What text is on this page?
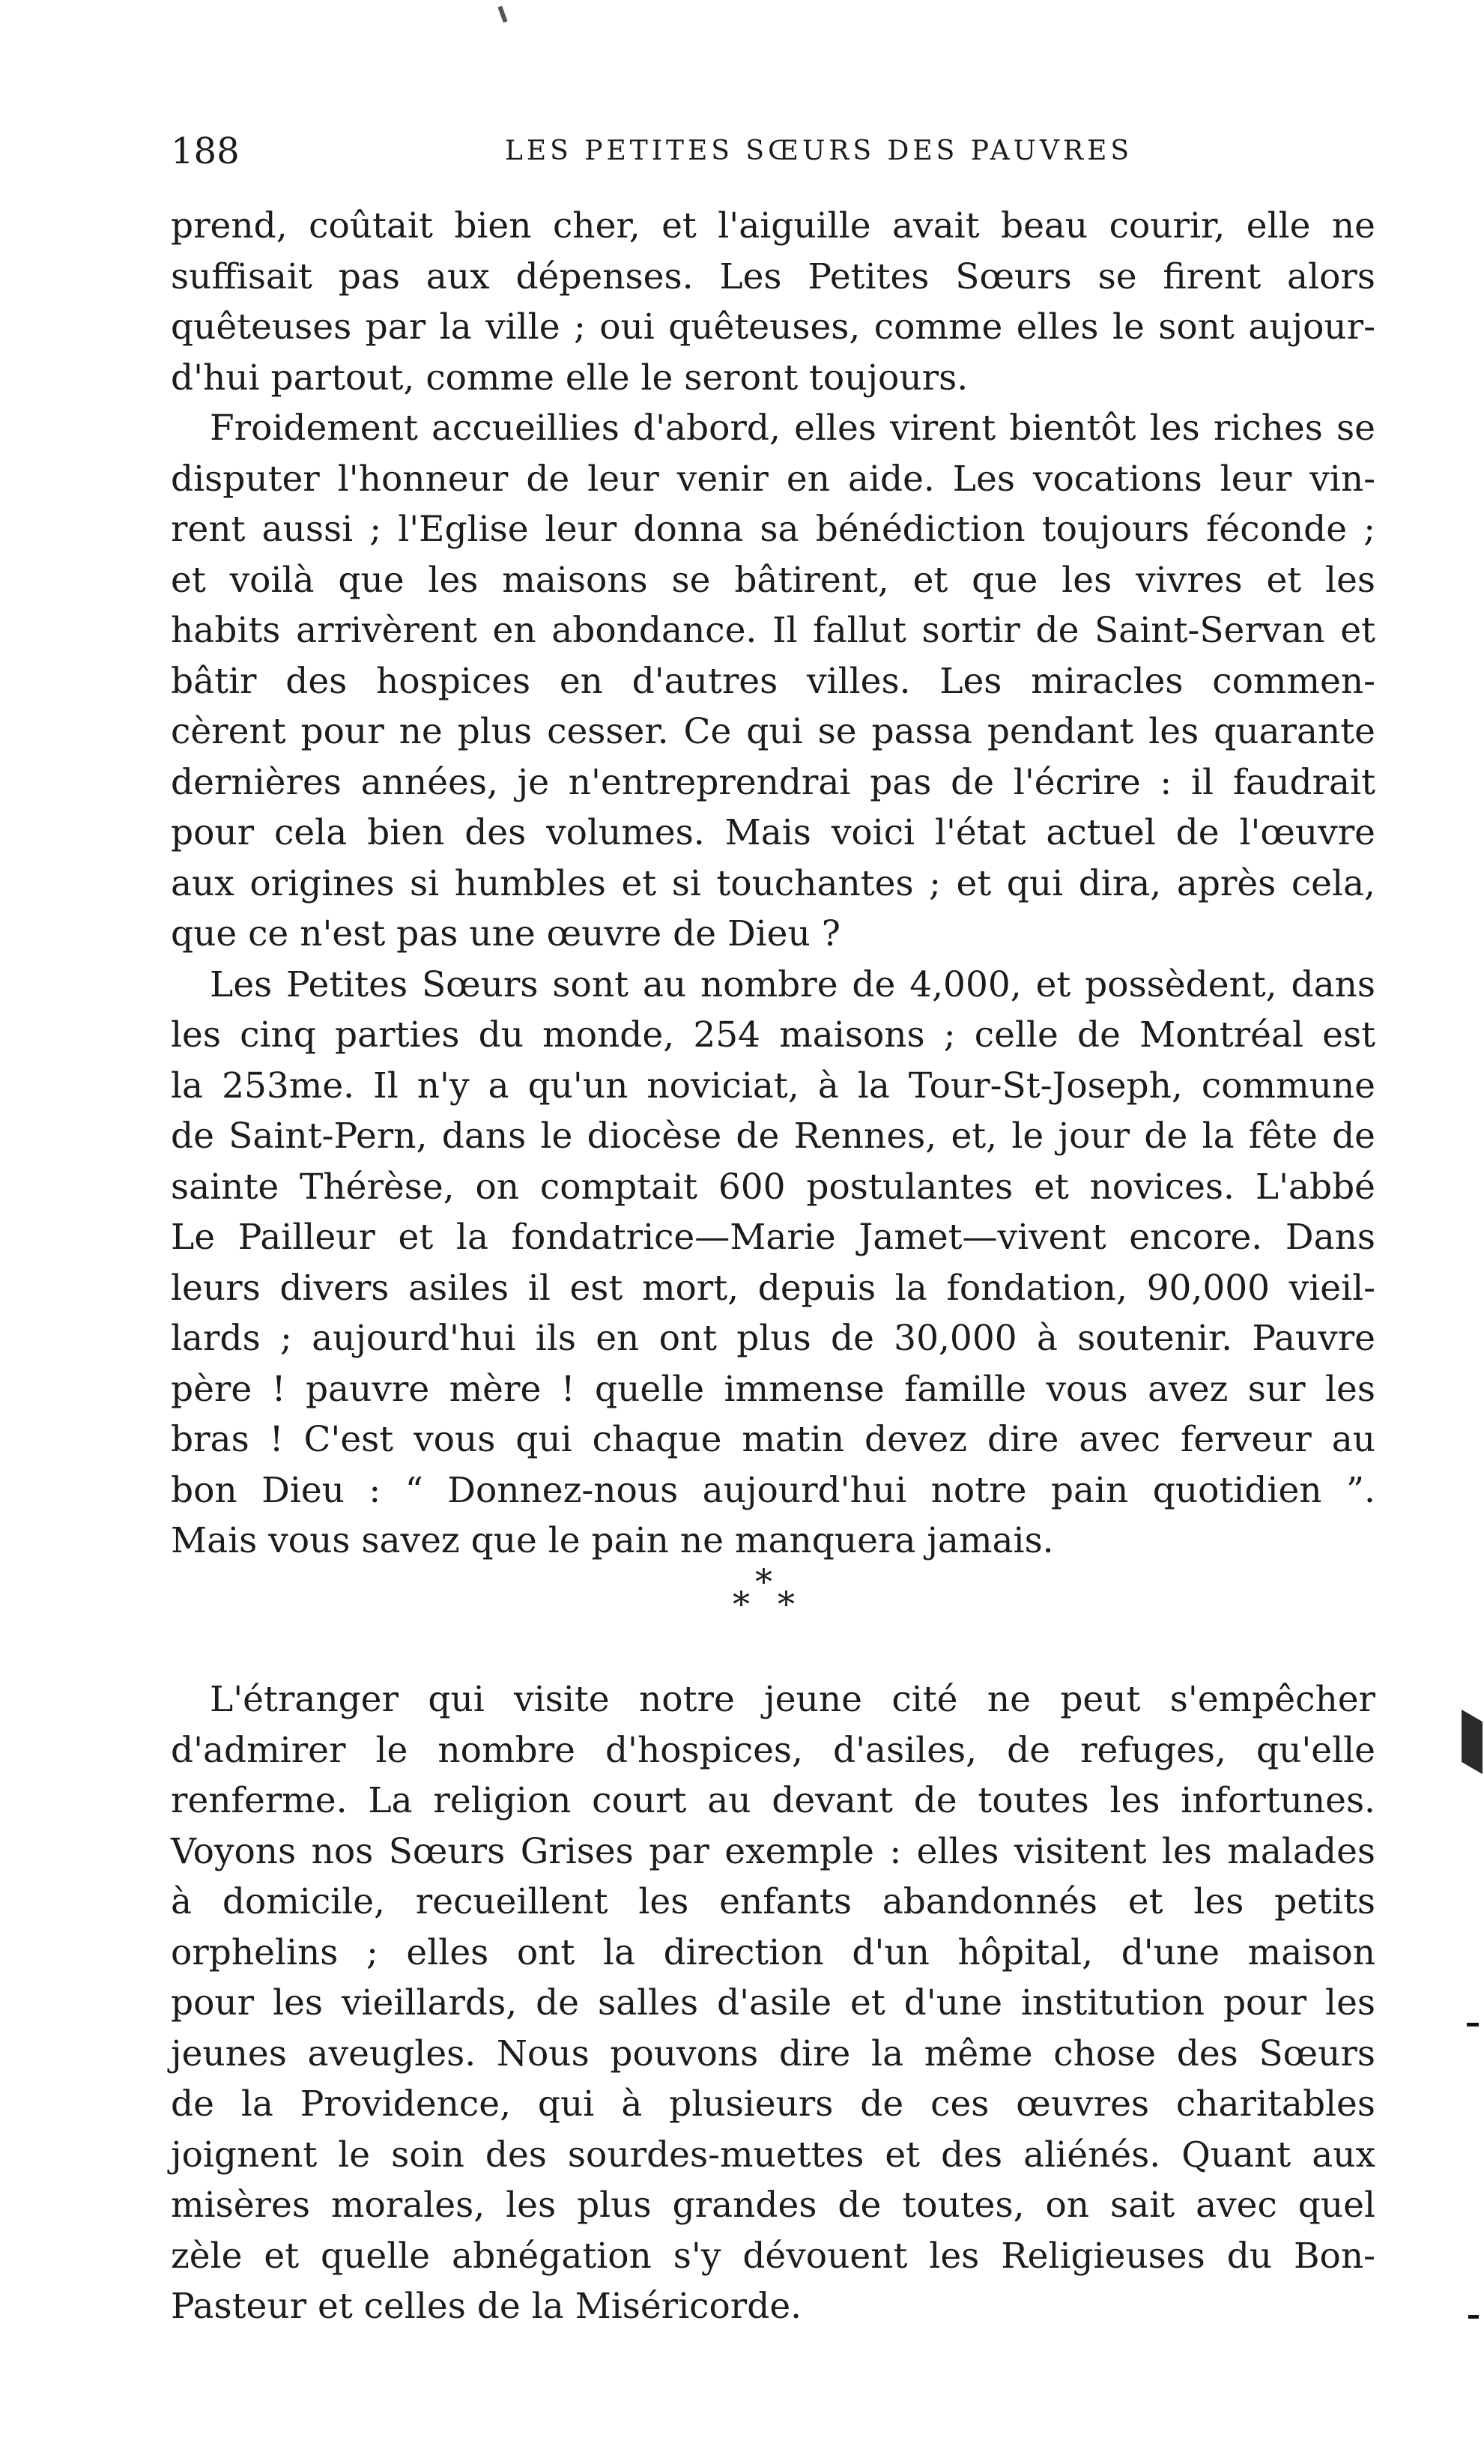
188	LES PETITES SŒURS DES PAUVRES
prend, coûtait bien cher, et l'aiguille avait beau courir, elle ne
suffisait pas aux dépenses. Les Petites Sœurs se firent alors
quêteuses par la ville ; oui quêteuses, comme elles le sont aujour-
d'hui partout, comme elle le seront toujours.
Froidement accueillies d'abord, elles virent bientôt les riches se
disputer l'honneur de leur venir en aide. Les vocations leur vin-
rent aussi ; l'Eglise leur donna sa bénédiction toujours féconde ;
et voilà que les maisons se bâtirent, et que les vivres et les
habits arrivèrent en abondance. Il fallut sortir de Saint-Servan et
bâtir des hospices en d'autres villes. Les miracles commen-
cèrent pour ne plus cesser. Ce qui se passa pendant les quarante
dernières années, je n'entreprendrai pas de l'écrire : il faudrait
pour cela bien des volumes. Mais voici l'état actuel de l'œuvre
aux origines si humbles et si touchantes ; et qui dira, après cela,
que ce n'est pas une œuvre de Dieu ?
Les Petites Sœurs sont au nombre de 4,000, et possèdent, dans
les cinq parties du monde, 254 maisons ; celle de Montréal est
la 253me. Il n'y a qu'un noviciat, à la Tour-St-Joseph, commune
de Saint-Pern, dans le diocèse de Rennes, et, le jour de la fête de
sainte Thérèse, on comptait 600 postulantes et novices. L'abbé
Le Pailleur et la fondatrice—Marie Jamet—vivent encore. Dans
leurs divers asiles il est mort, depuis la fondation, 90,000 vieil-
lards ; aujourd'hui ils en ont plus de 30,000 à soutenir. Pauvre
père ! pauvre mère ! quelle immense famille vous avez sur les
bras ! C'est vous qui chaque matin devez dire avec ferveur au
bon Dieu : “ Donnez-nous aujourd'hui notre pain quotidien ”.
Mais vous savez que le pain ne manquera jamais.
*
* *
L'étranger qui visite notre jeune cité ne peut s'empêcher
d'admirer le nombre d'hospices, d'asiles, de refuges, qu'elle
renferme. La religion court au devant de toutes les infortunes.
Voyons nos Sœurs Grises par exemple : elles visitent les malades
à domicile, recueillent les enfants abandonnés et les petits
orphelins ; elles ont la direction d'un hôpital, d'une maison
pour les vieillards, de salles d'asile et d'une institution pour les
jeunes aveugles. Nous pouvons dire la même chose des Sœurs
de la Providence, qui à plusieurs de ces œuvres charitables
joignent le soin des sourdes-muettes et des aliénés. Quant aux
misères morales, les plus grandes de toutes, on sait avec quel
zèle et quelle abnégation s'y dévouent les Religieuses du Bon-
Pasteur et celles de la Miséricorde.
